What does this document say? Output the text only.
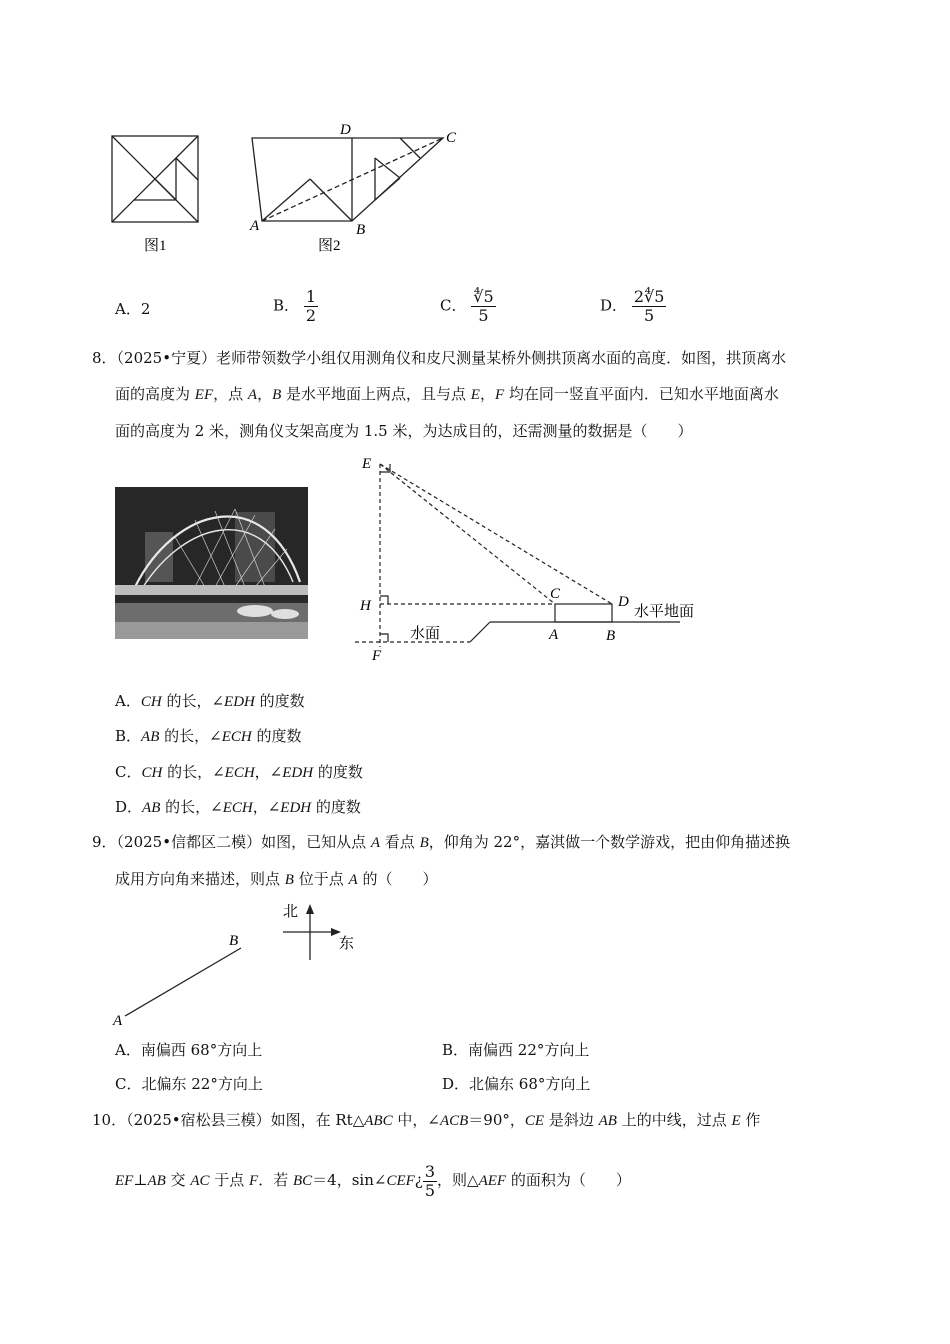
D	C
A	B
图1	图2
A．2	B． $\frac{1}{2}$	C． $\frac{∜5}{5}$	D． $\frac{2∜5}{5}$
8．（2025•宁夏）老师带领数学小组仅用测角仪和皮尺测量某桥外侧拱顶离水面的高度．如图，拱顶离水
面的高度为 EF，点 A，B 是水平地面上两点，且与点 E，F 均在同一竖直平面内．已知水平地面离水
面的高度为 2 米，测角仪支架高度为 1.5 米，为达成目的，还需测量的数据是（　　）
E
H
F
C	D
A	B
水面
水平地面
A．CH 的长，∠EDH 的度数
B．AB 的长，∠ECH 的度数
C．CH 的长，∠ECH，∠EDH 的度数
D．AB 的长，∠ECH，∠EDH 的度数
9．（2025•信都区二模）如图，已知从点 A 看点 B，仰角为 22°，嘉淇做一个数学游戏，把由仰角描述换
成用方向角来描述，则点 B 位于点 A 的（　　）
A
B
北
东
A．南偏西 68°方向上	B．南偏西 22°方向上
C．北偏东 22°方向上	D．北偏东 68°方向上
10．（2025•宿松县三模）如图，在 Rt△ABC 中，∠ACB＝90°，CE 是斜边 AB 上的中线，过点 E 作
EF⊥AB 交 AC 于点 F．若 BC＝4，sin∠CEF¿ $\frac{3}{5}$ ，则△AEF 的面积为（　　）
